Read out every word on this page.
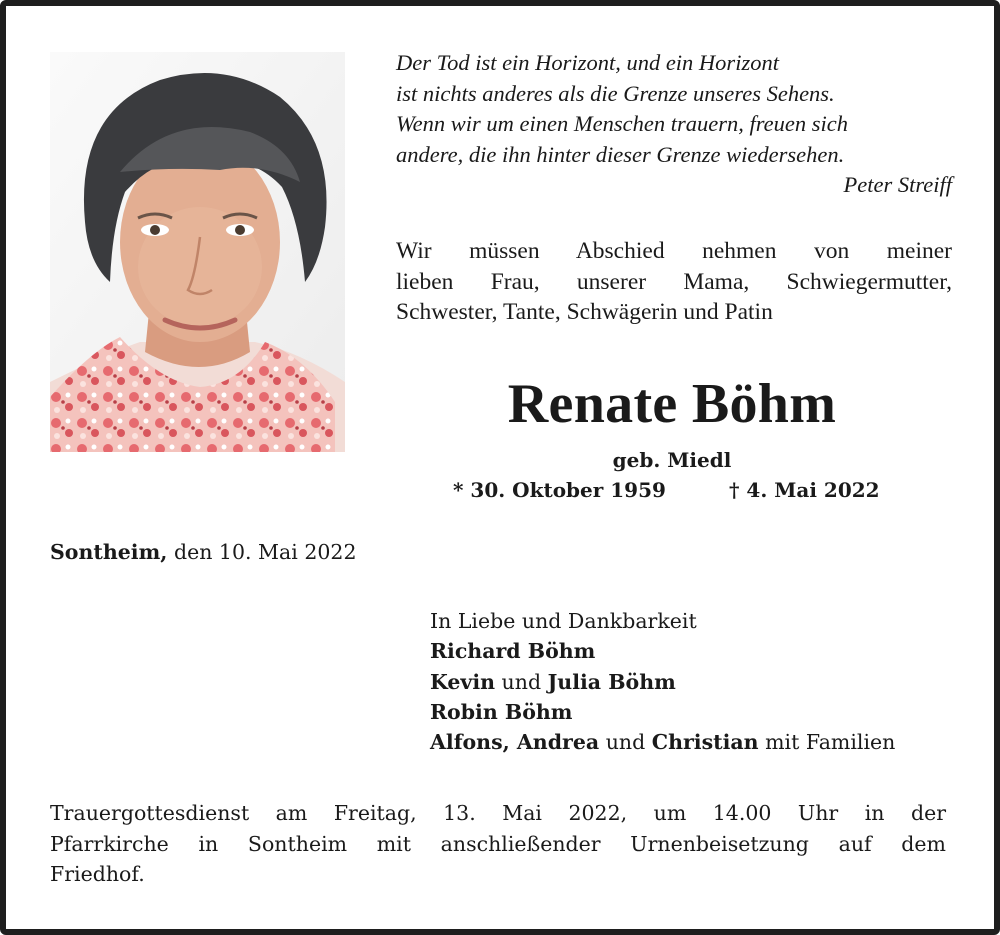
Der Tod ist ein Horizont, und ein Horizont
ist nichts anderes als die Grenze unseres Sehens.
Wenn wir um einen Menschen trauern, freuen sich
andere, die ihn hinter dieser Grenze wiedersehen.
Peter Streiff
Wir müssen Abschied nehmen von meiner
lieben Frau, unserer Mama, Schwiegermutter,
Schwester, Tante, Schwägerin und Patin
Renate Böhm
geb. Miedl
* 30. Oktober 1959	† 4. Mai 2022
Sontheim, den 10. Mai 2022
In Liebe und Dankbarkeit
Richard Böhm
Kevin und Julia Böhm
Robin Böhm
Alfons, Andrea und Christian mit Familien
Trauergottesdienst am Freitag, 13. Mai 2022, um 14.00 Uhr in der
Pfarrkirche in Sontheim mit anschließender Urnenbeisetzung auf dem
Friedhof.
